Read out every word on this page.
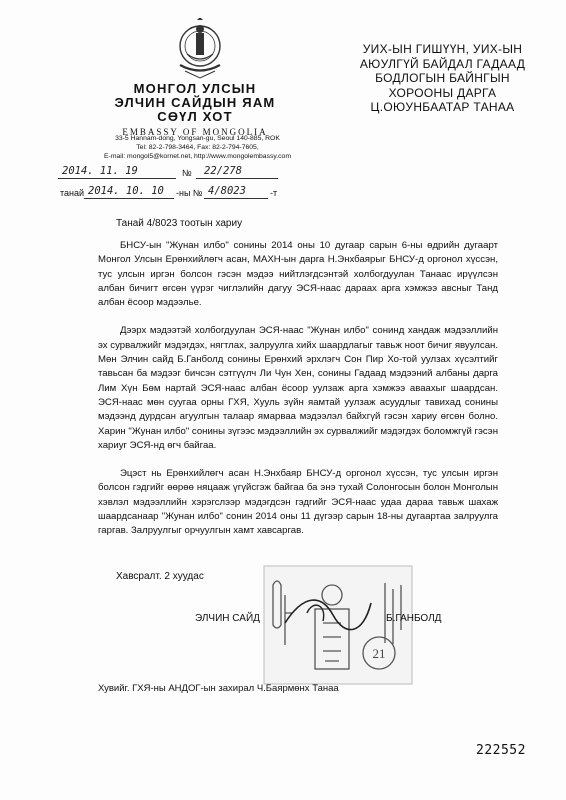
МОНГОЛ УЛСЫН
ЭЛЧИН САЙДЫН ЯАМ
СӨҮЛ ХОТ
EMBASSY OF MONGOLIA
33-5 Hannam-dong, Yongsan-gu, Seoul 140-885, ROK
Tel: 82-2-798-3464, Fax: 82-2-794-7605,
E-mail: mongol5@kornet.net, http://www.mongolembassy.com
УИХ-ЫН ГИШҮҮН, УИХ-ЫН
АЮУЛГҮЙ БАЙДАЛ ГАДААД
БОДЛОГЫН БАЙНГЫН
ХОРООНЫ ДАРГА
Ц.ОЮУНБААТАР ТАНАА
2014. 11. 19	№ 22/278
танай 2014. 10. 10 -ны № 4/8023	-т
Танай 4/8023 тоотын хариу

БНСУ-ын "Жунан илбо" сонины 2014 оны 10 дугаар сарын 6-ны өдрийн дугаарт Монгол Улсын Ерөнхийлөгч асан, МАХН-ын дарга Н.Энхбаярыг БНСУ-д оргонол хүссэн, тус улсын иргэн болсон гэсэн мэдээ нийтлэгдсэнтэй холбогдуулан Танаас ирүүлсэн албан бичигт өгсөн үүрэг чиглэлийн дагуу ЭСЯ-наас дараах арга хэмжээ авсныг Танд албан ёсоор мэдээлье.

Дээрх мэдээтэй холбогдуулан ЭСЯ-наас "Жунан илбо" сонинд хандаж мэдээллийн эх сурвалжийг мэдэгдэх, нягтлах, залруулга хийх шаардлагыг тавьж ноот бичиг явуулсан. Мөн Элчин сайд Б.Ганболд сонины Ерөнхий эрхлэгч Сон Пир Хо-той уулзах хүсэлтийг тавьсан ба мэдээг бичсэн сэтгүүлч Ли Чун Хен, сонины Гадаад мэдээний албаны дарга Лим Хүн Бөм нартай ЭСЯ-наас албан ёсоор уулзаж арга хэмжээ аваахыг шаардсан. ЭСЯ-наас мөн суугаа орны ГХЯ, Хууль зүйн яамтай уулзаж асуудлыг тавихад сонины мэдээнд дурдсан агуулгын талаар ямарваа мэдээлэл байхгүй гэсэн хариу өгсөн болно. Харин "Жунан илбо" сонины зүгээс мэдээллийн эх сурвалжийг мэдэгдэх боломжгүй гэсэн хариуг ЭСЯ-нд өгч байгаа.

Эцэст нь Ерөнхийлөгч асан Н.Энхбаяр БНСУ-д оргонол хүссэн, тус улсын иргэн болсон гэдгийг өөрөө няцааж үгүйсгэж байгаа ба энэ тухай Солонгосын болон Монголын хэвлэл мэдээллийн хэрэгслээр мэдэгдсэн гэдгийг ЭСЯ-наас удаа дараа тавьж шахаж шаардсанаар "Жунан илбо" сонин 2014 оны 11 дүгээр сарын 18-ны дугаартаа залруулга гаргав. Залруулгыг орчуулгын хамт хавсаргав.

Хавсралт. 2 хуудас
21
ЭЛЧИН САЙД	Б.ГАНБОЛД
Хувийг. ГХЯ-ны АНДОГ-ын захирал Ч.Баярмөнх Танаа
222552
